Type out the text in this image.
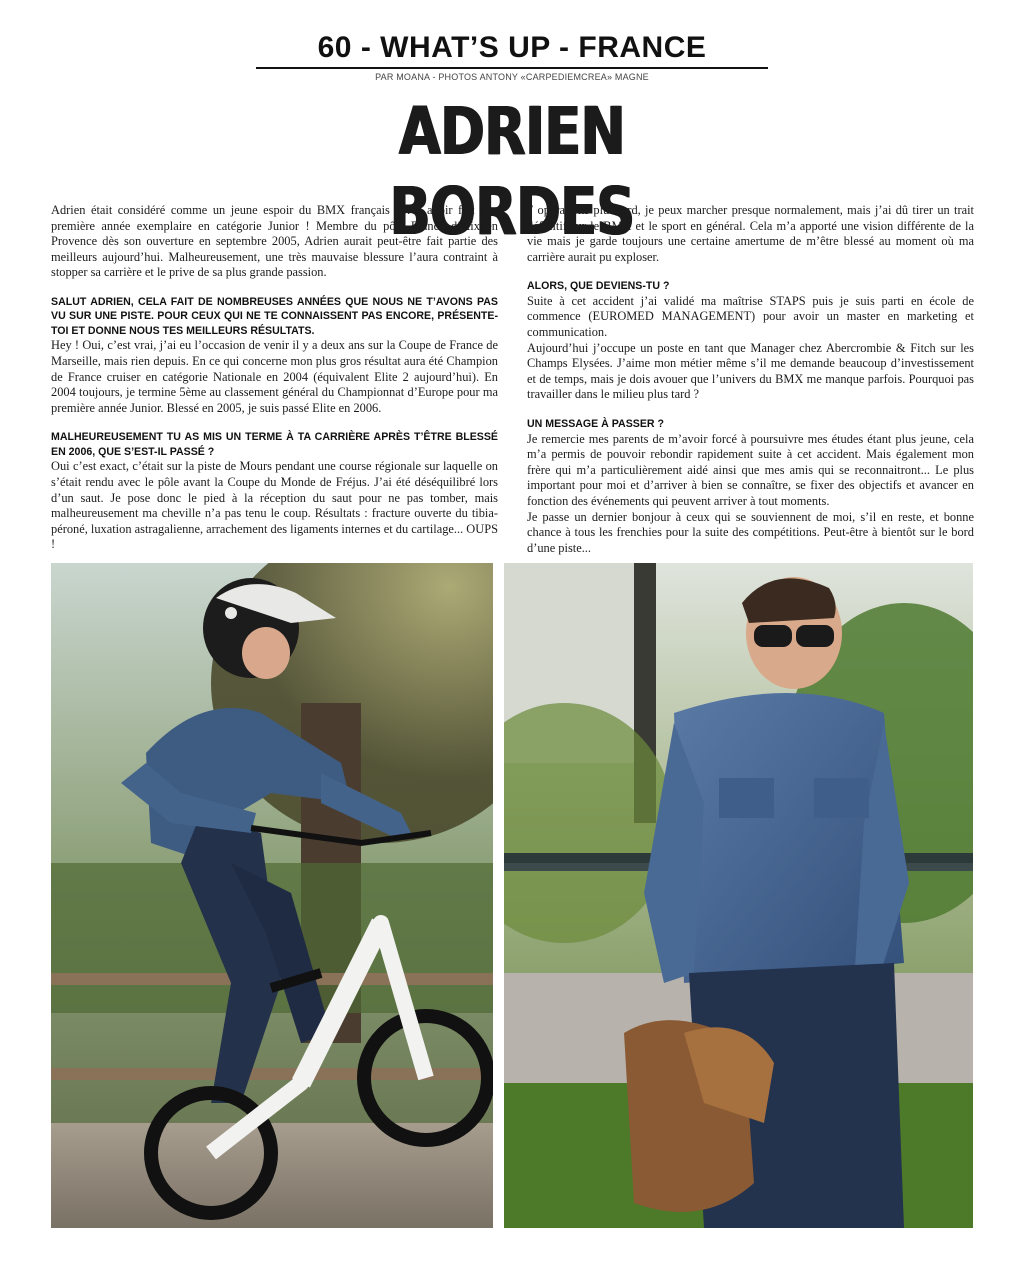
60 - WHAT’S UP - FRANCE
PAR MOANA - PHOTOS ANTONY «CARPEDIEMCREA» MAGNE
ADRIEN BORDES

Adrien était considéré comme un jeune espoir du BMX français après avoir fait une première année exemplaire en catégorie Junior ! Membre du pôle France d’Aix en Provence dès son ouverture en septembre 2005, Adrien aurait peut-être fait partie des meilleurs aujourd’hui. Malheureusement, une très mauvaise blessure l’aura contraint à stopper sa carrière et le prive de sa plus grande passion.

SALUT ADRIEN, CELA FAIT DE NOMBREUSES ANNÉES QUE NOUS NE T’AVONS PAS VU SUR UNE PISTE. POUR CEUX QUI NE TE CONNAISSENT PAS ENCORE, PRÉSENTE-TOI ET DONNE NOUS TES MEILLEURS RÉSULTATS.

Hey ! Oui, c’est vrai, j’ai eu l’occasion de venir il y a deux ans sur la Coupe de France de Marseille, mais rien depuis. En ce qui concerne mon plus gros résultat aura été Champion de France cruiser en catégorie Nationale en 2004 (équivalent Elite 2 aujourd’hui). En 2004 toujours, je termine 5ème au classement général du Championnat d’Europe pour ma première année Junior. Blessé en 2005, je suis passé Elite en 2006.

MALHEUREUSEMENT TU AS MIS UN TERME À TA CARRIÈRE APRÈS T’ÊTRE BLESSÉ EN 2006, QUE S’EST-IL PASSÉ ?

Oui c’est exact, c’était sur la piste de Mours pendant une course régionale sur laquelle on s’était rendu avec le pôle avant la Coupe du Monde de Fréjus. J’ai été déséquilibré lors d’un saut. Je pose donc le pied à la réception du saut pour ne pas tomber, mais malheureusement ma cheville n’a pas tenu le coup. Résultats : fracture ouverte du tibia-péroné, luxation astragalienne, arrachement des ligaments internes et du cartilage... OUPS !

7 opérations plus tard, je peux marcher presque normalement, mais j’ai dû tirer un trait définitif sur le BMX et le sport en général. Cela m’a apporté une vision différente de la vie mais je garde toujours une certaine amertume de m’être blessé au moment où ma carrière aurait pu exploser.

ALORS, QUE DEVIENS-TU ?

Suite à cet accident j’ai validé ma maîtrise STAPS puis je suis parti en école de commence (EUROMED MANAGEMENT) pour avoir un master en marketing et communication.

Aujourd’hui j’occupe un poste en tant que Manager chez Abercrombie & Fitch sur les Champs Elysées. J’aime mon métier même s’il me demande beaucoup d’investissement et de temps, mais je dois avouer que l’univers du BMX me manque parfois. Pourquoi pas travailler dans le milieu plus tard ?

UN MESSAGE À PASSER ?

Je remercie mes parents de m’avoir forcé à poursuivre mes études étant plus jeune, cela m’a permis de pouvoir rebondir rapidement suite à cet accident. Mais également mon frère qui m’a particulièrement aidé ainsi que mes amis qui se reconnaitront... Le plus important pour moi et d’arriver à bien se connaître, se fixer des objectifs et avancer en fonction des événements qui peuvent arriver à tout moments.

Je passe un dernier bonjour à ceux qui se souviennent de moi, s’il en reste, et bonne chance à tous les frenchies pour la suite des compétitions. Peut-être à bientôt sur le bord d’une piste...
